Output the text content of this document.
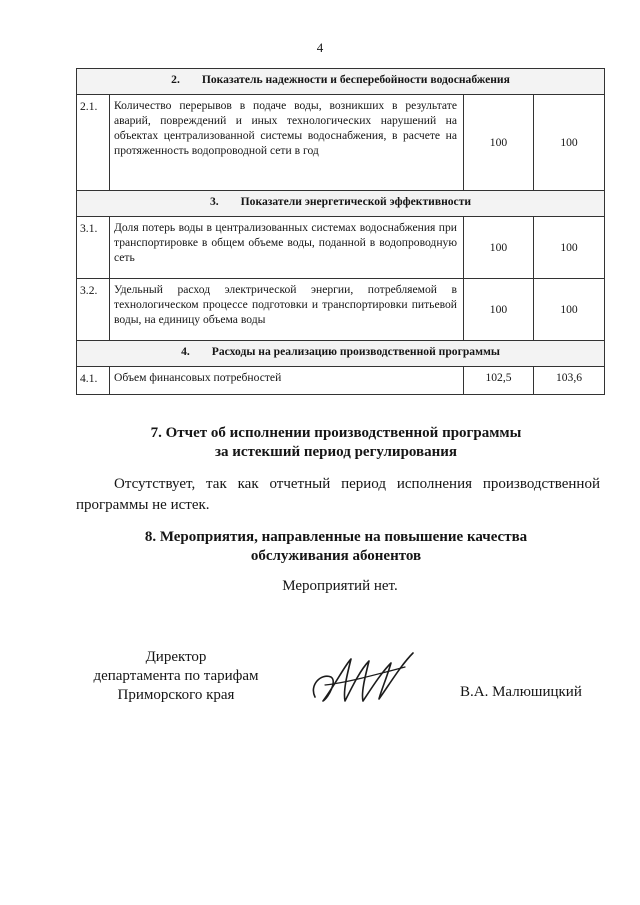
4
2. Показатель надежности и бесперебойности водоснабжения			
2.1.	Количество перерывов в подаче воды, возникших в результате аварий, повреждений и иных технологических нарушений на объектах централизованной системы водоснабжения, в расчете на протяженность водопроводной сети в год	100	100
3. Показатели энергетической эффективности			
3.1.	Доля потерь воды в централизованных системах водоснабжения при транспортировке в общем объеме воды, поданной в водопроводную сеть	100	100
3.2.	Удельный расход электрической энергии, потребляемой в технологическом процессе подготовки и транспортировки питьевой воды, на единицу объема воды	100	100
4. Расходы на реализацию производственной программы			
4.1.	Объем финансовых потребностей	102,5	103,6
7. Отчет об исполнении производственной программы
за истекший период регулирования

Отсутствует, так как отчетный период исполнения производственной программы не истек.

8. Мероприятия, направленные на повышение качества
обслуживания абонентов
Мероприятий нет.
Директор
департамента по тарифам
Приморского края	В.А. Малюшицкий
